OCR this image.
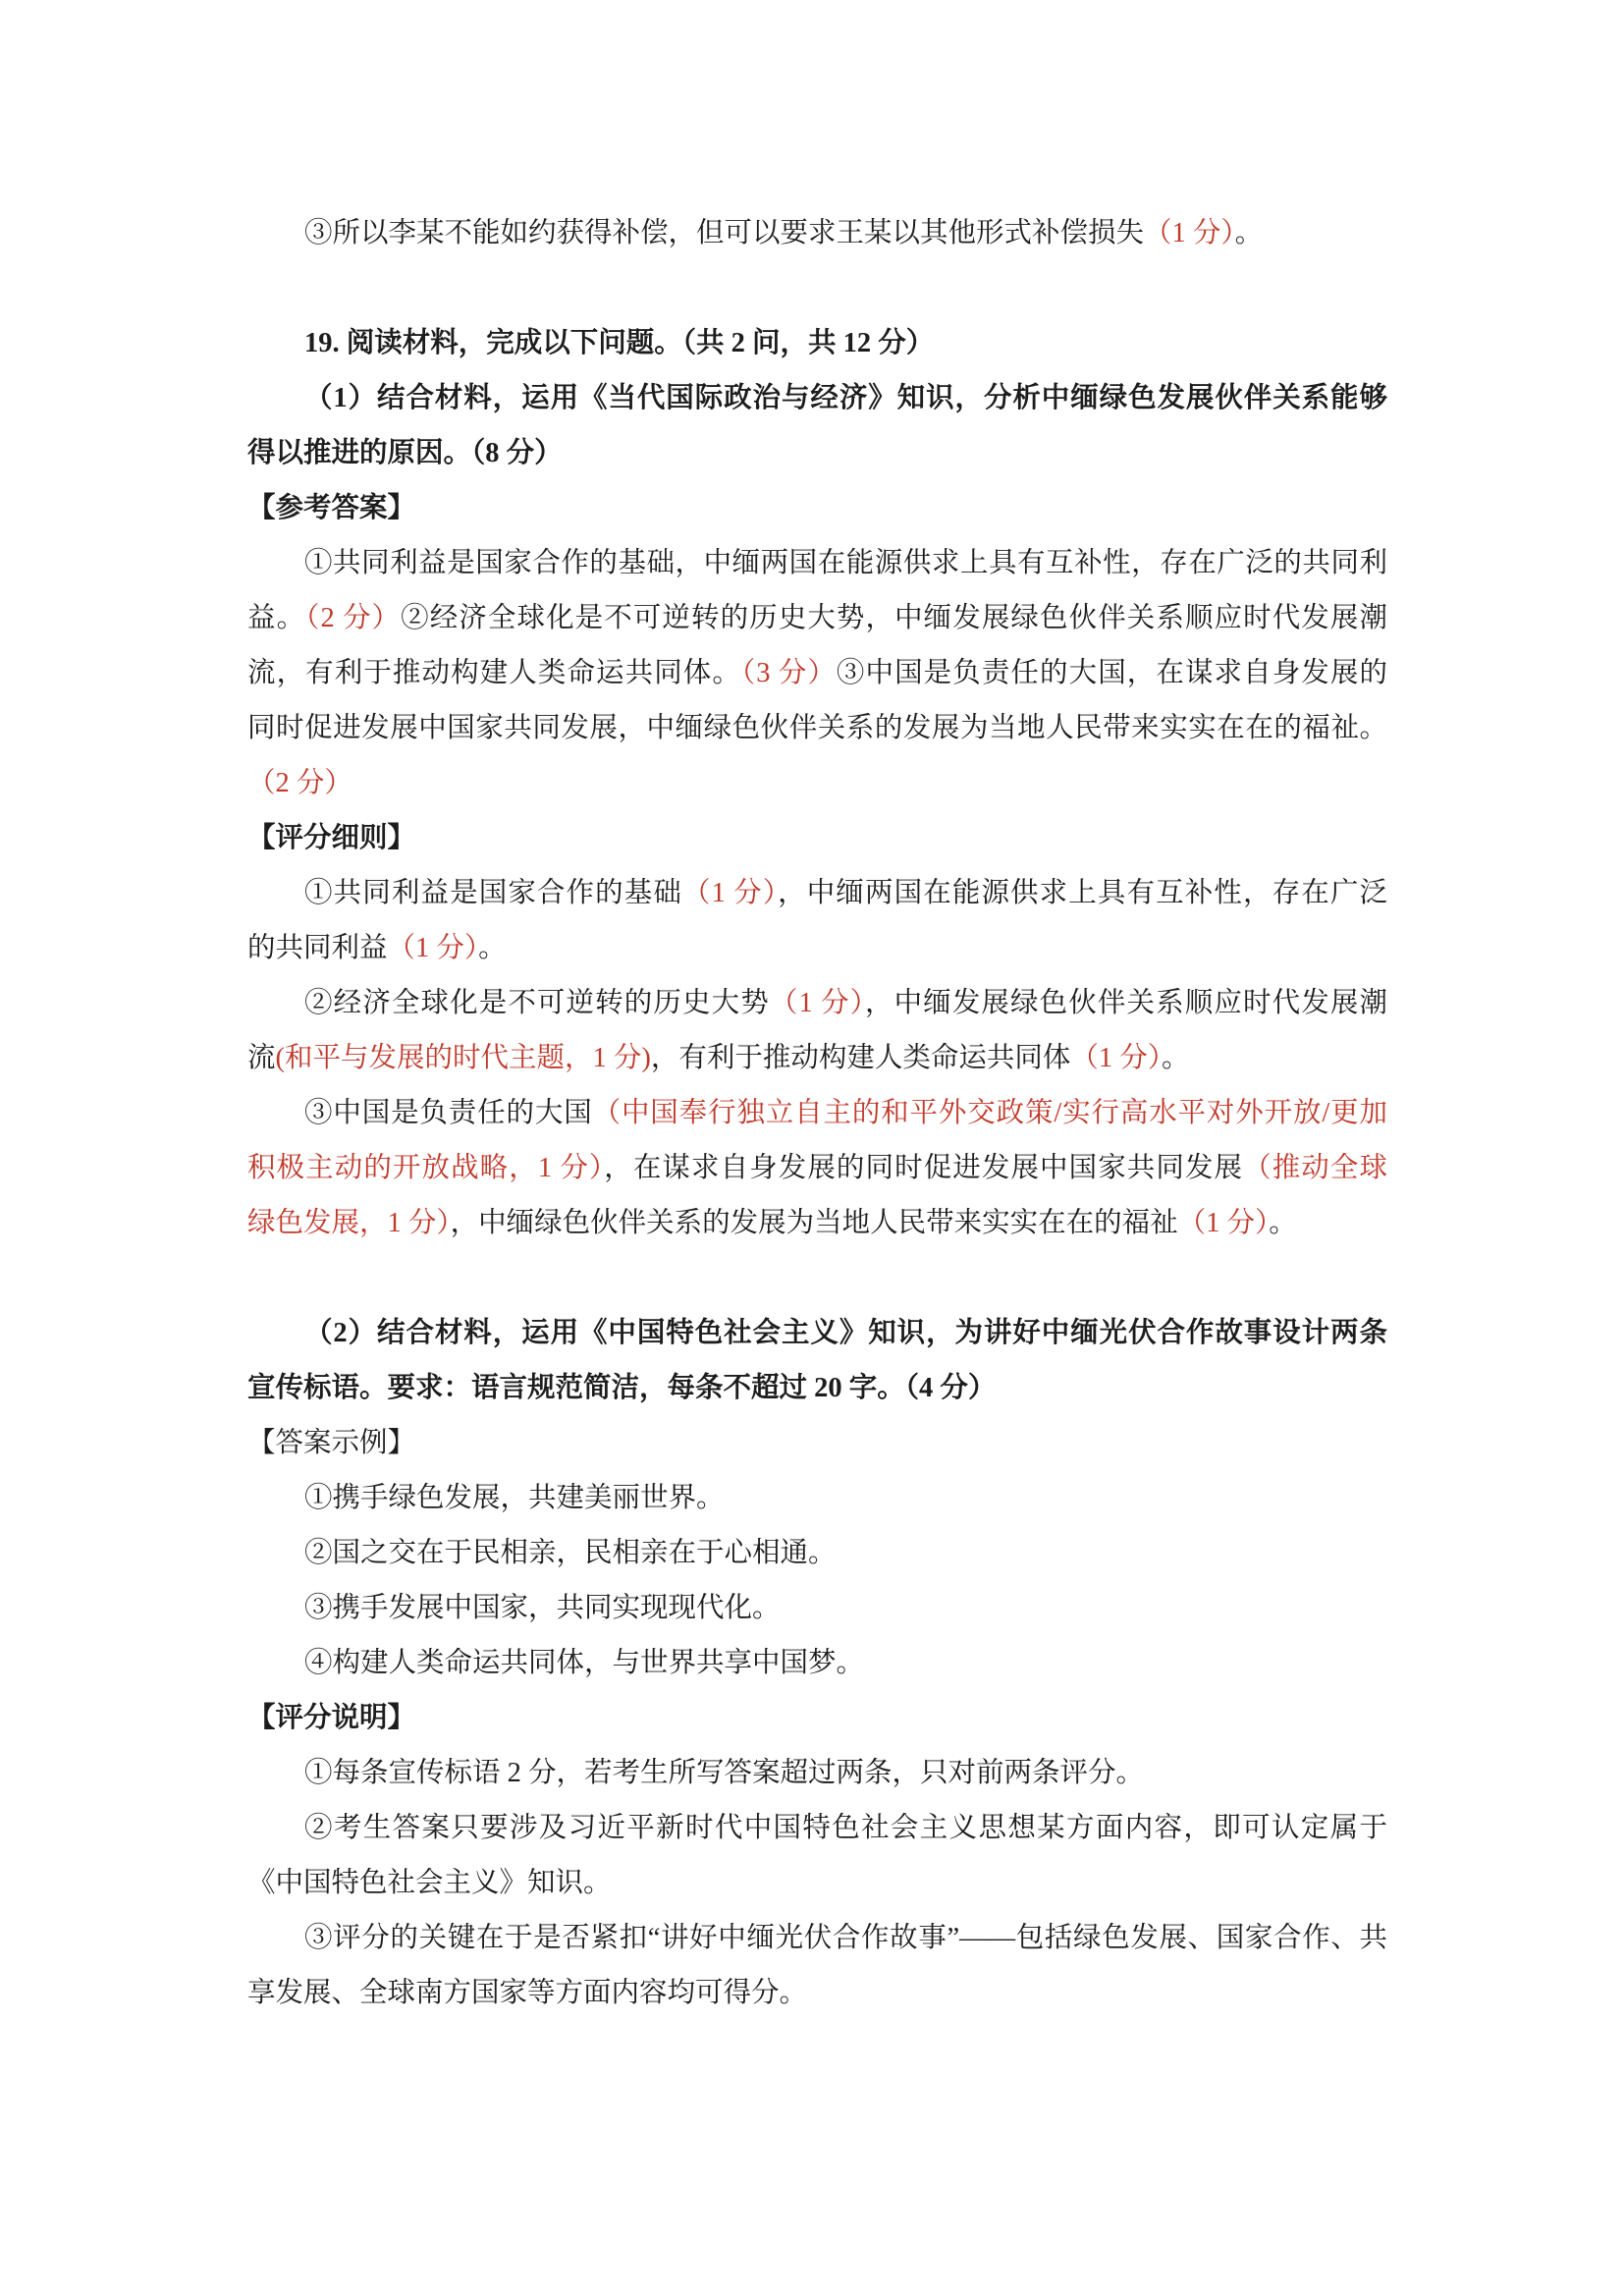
③所以李某不能如约获得补偿，但可以要求王某以其他形式补偿损失（1 分）。
19. 阅读材料，完成以下问题。（共 2 问，共 12 分）
（1）结合材料，运用《当代国际政治与经济》知识，分析中缅绿色发展伙伴关系能够
得以推进的原因。（8 分）
【参考答案】
①共同利益是国家合作的基础，中缅两国在能源供求上具有互补性，存在广泛的共同利
益。（2 分）②经济全球化是不可逆转的历史大势，中缅发展绿色伙伴关系顺应时代发展潮
流，有利于推动构建人类命运共同体。（3 分）③中国是负责任的大国，在谋求自身发展的
同时促进发展中国家共同发展，中缅绿色伙伴关系的发展为当地人民带来实实在在的福祉。
（2 分）
【评分细则】
①共同利益是国家合作的基础（1 分），中缅两国在能源供求上具有互补性，存在广泛
的共同利益（1 分）。
②经济全球化是不可逆转的历史大势（1 分），中缅发展绿色伙伴关系顺应时代发展潮
流(和平与发展的时代主题，1 分)，有利于推动构建人类命运共同体（1 分）。
③中国是负责任的大国（中国奉行独立自主的和平外交政策/实行高水平对外开放/更加
积极主动的开放战略，1 分），在谋求自身发展的同时促进发展中国家共同发展（推动全球
绿色发展，1 分），中缅绿色伙伴关系的发展为当地人民带来实实在在的福祉（1 分）。
（2）结合材料，运用《中国特色社会主义》知识，为讲好中缅光伏合作故事设计两条
宣传标语。要求：语言规范简洁，每条不超过 20 字。（4 分）
【答案示例】
①携手绿色发展，共建美丽世界。
②国之交在于民相亲，民相亲在于心相通。
③携手发展中国家，共同实现现代化。
④构建人类命运共同体，与世界共享中国梦。
【评分说明】
①每条宣传标语 2 分，若考生所写答案超过两条，只对前两条评分。
②考生答案只要涉及习近平新时代中国特色社会主义思想某方面内容，即可认定属于
《中国特色社会主义》知识。
③评分的关键在于是否紧扣“讲好中缅光伏合作故事”——包括绿色发展、国家合作、共
享发展、全球南方国家等方面内容均可得分。
